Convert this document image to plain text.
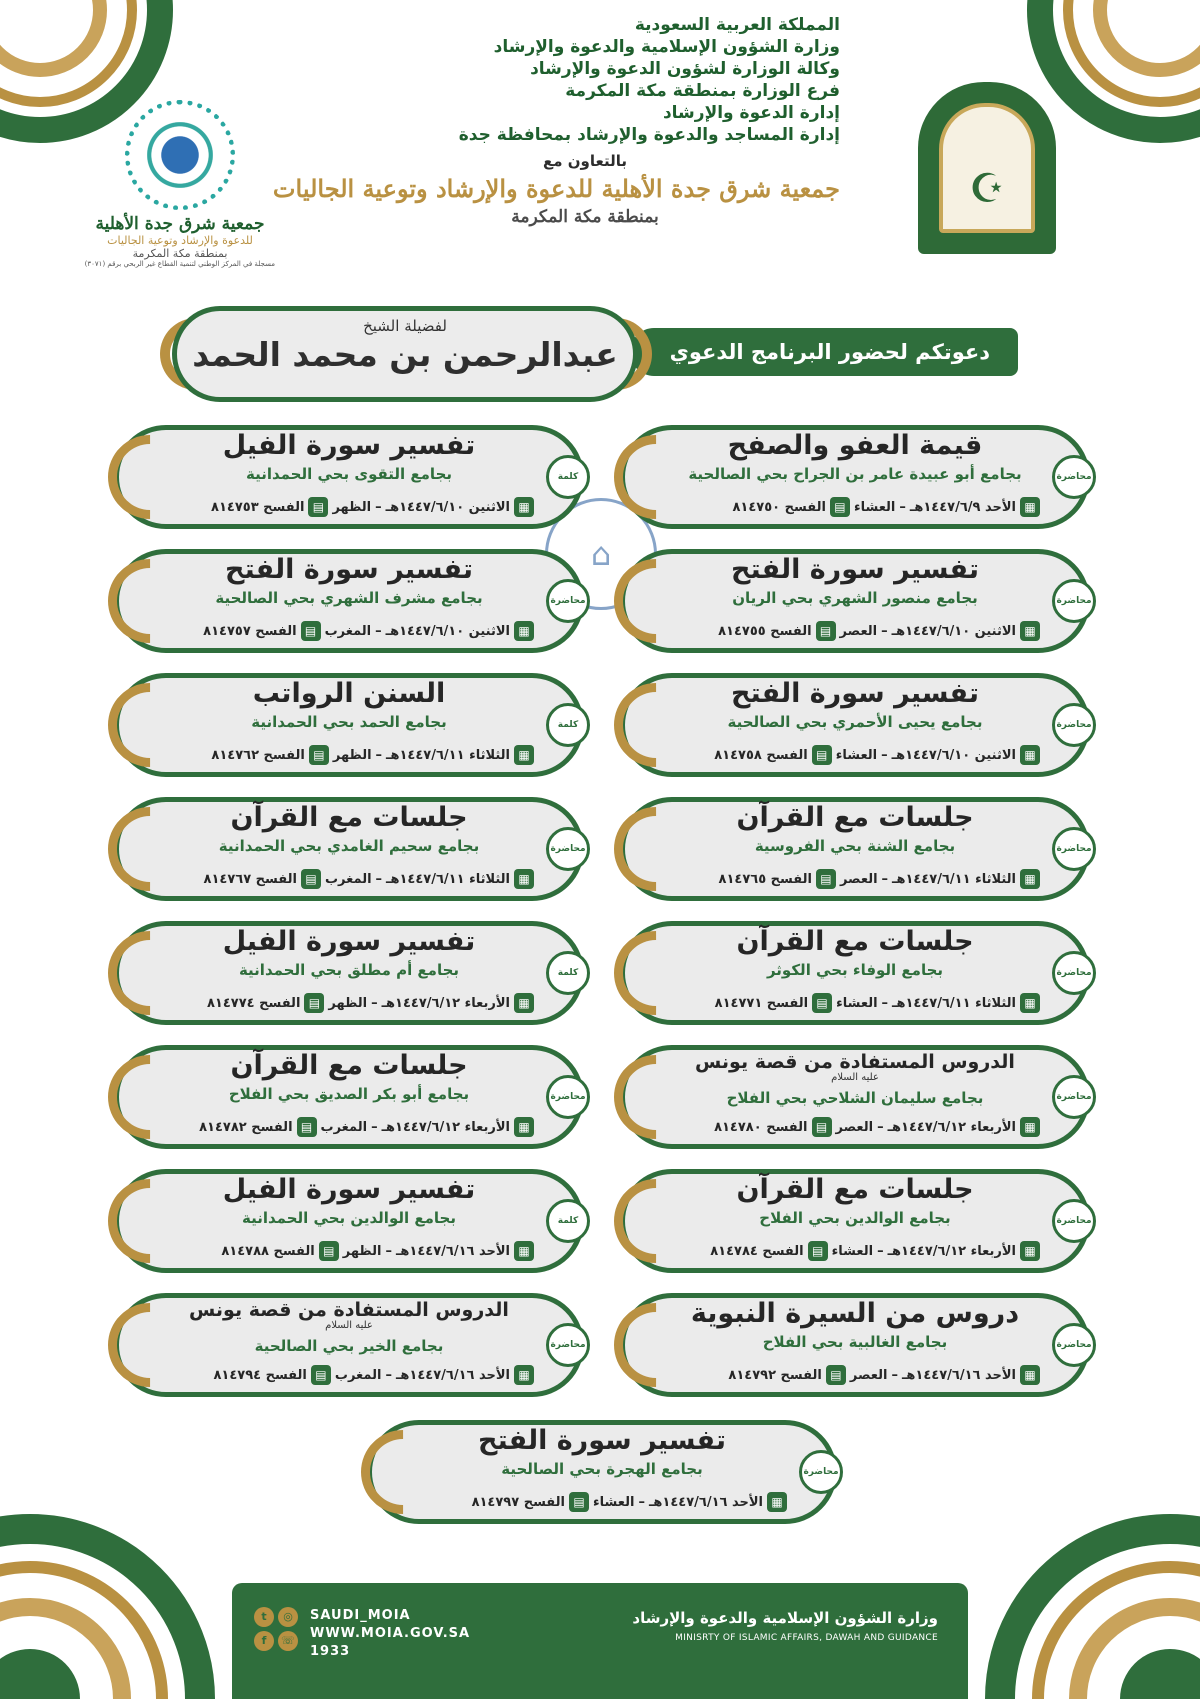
المملكة العربية السعودية
وزارة الشؤون الإسلامية والدعوة والإرشاد
وكالة الوزارة لشؤون الدعوة والإرشاد
فرع الوزارة بمنطقة مكة المكرمة
إدارة الدعوة والإرشاد
إدارة المساجد والدعوة والإرشاد بمحافظة جدة
بالتعاون مع
جمعية شرق جدة الأهلية للدعوة والإرشاد وتوعية الجاليات
بمنطقة مكة المكرمة
جمعية شرق جدة الأهلية
للدعوة والإرشاد وتوعية الجاليات
بمنطقة مكة المكرمة
مسجلة في المركز الوطني لتنمية القطاع غير الربحي برقم (٣٠٧١)
☪
دعوتكم لحضور البرنامج الدعوي
لفضيلة الشيخ
عبدالرحمن بن محمد الحمد
⌂
محاضرة
قيمة العفو والصفح
بجامع أبو عبيدة عامر بن الجراح بحي الصالحية
▦
الأحد ١٤٤٧/٦/٩هـ
–
العشاء
▤
الفسح ٨١٤٧٥٠
كلمة
تفسير سورة الفيل
بجامع التقوى بحي الحمدانية
▦
الاثنين ١٤٤٧/٦/١٠هـ
–
الظهر
▤
الفسح ٨١٤٧٥٣
محاضرة
تفسير سورة الفتح
بجامع منصور الشهري بحي الريان
▦
الاثنين ١٤٤٧/٦/١٠هـ
–
العصر
▤
الفسح ٨١٤٧٥٥
محاضرة
تفسير سورة الفتح
بجامع مشرف الشهري بحي الصالحية
▦
الاثنين ١٤٤٧/٦/١٠هـ
–
المغرب
▤
الفسح ٨١٤٧٥٧
محاضرة
تفسير سورة الفتح
بجامع يحيى الأحمري بحي الصالحية
▦
الاثنين ١٤٤٧/٦/١٠هـ
–
العشاء
▤
الفسح ٨١٤٧٥٨
كلمة
السنن الرواتب
بجامع الحمد بحي الحمدانية
▦
الثلاثاء ١٤٤٧/٦/١١هـ
–
الظهر
▤
الفسح ٨١٤٧٦٢
محاضرة
جلسات مع القرآن
بجامع الشنة بحي الفروسية
▦
الثلاثاء ١٤٤٧/٦/١١هـ
–
العصر
▤
الفسح ٨١٤٧٦٥
محاضرة
جلسات مع القرآن
بجامع سحيم الغامدي بحي الحمدانية
▦
الثلاثاء ١٤٤٧/٦/١١هـ
–
المغرب
▤
الفسح ٨١٤٧٦٧
محاضرة
جلسات مع القرآن
بجامع الوفاء بحي الكوثر
▦
الثلاثاء ١٤٤٧/٦/١١هـ
–
العشاء
▤
الفسح ٨١٤٧٧١
كلمة
تفسير سورة الفيل
بجامع أم مطلق بحي الحمدانية
▦
الأربعاء ١٤٤٧/٦/١٢هـ
–
الظهر
▤
الفسح ٨١٤٧٧٤
محاضرة
الدروس المستفادة من قصة يونس
عليه السلام
بجامع سليمان الشلاحي بحي الفلاح
▦
الأربعاء ١٤٤٧/٦/١٢هـ
–
العصر
▤
الفسح ٨١٤٧٨٠
محاضرة
جلسات مع القرآن
بجامع أبو بكر الصديق بحي الفلاح
▦
الأربعاء ١٤٤٧/٦/١٢هـ
–
المغرب
▤
الفسح ٨١٤٧٨٢
محاضرة
جلسات مع القرآن
بجامع الوالدين بحي الفلاح
▦
الأربعاء ١٤٤٧/٦/١٢هـ
–
العشاء
▤
الفسح ٨١٤٧٨٤
كلمة
تفسير سورة الفيل
بجامع الوالدين بحي الحمدانية
▦
الأحد ١٤٤٧/٦/١٦هـ
–
الظهر
▤
الفسح ٨١٤٧٨٨
محاضرة
دروس من السيرة النبوية
بجامع الغالبية بحي الفلاح
▦
الأحد ١٤٤٧/٦/١٦هـ
–
العصر
▤
الفسح ٨١٤٧٩٢
محاضرة
الدروس المستفادة من قصة يونس
عليه السلام
بجامع الخير بحي الصالحية
▦
الأحد ١٤٤٧/٦/١٦هـ
–
المغرب
▤
الفسح ٨١٤٧٩٤
محاضرة
تفسير سورة الفتح
بجامع الهجرة بحي الصالحية
▦
الأحد ١٤٤٧/٦/١٦هـ
–
العشاء
▤
الفسح ٨١٤٧٩٧
t	◎
f	☏
SAUDI_MOIA
WWW.MOIA.GOV.SA
1933
وزارة الشؤون الإسلامية والدعوة والإرشاد
MINISRTY OF ISLAMIC AFFAIRS, DAWAH AND GUIDANCE
